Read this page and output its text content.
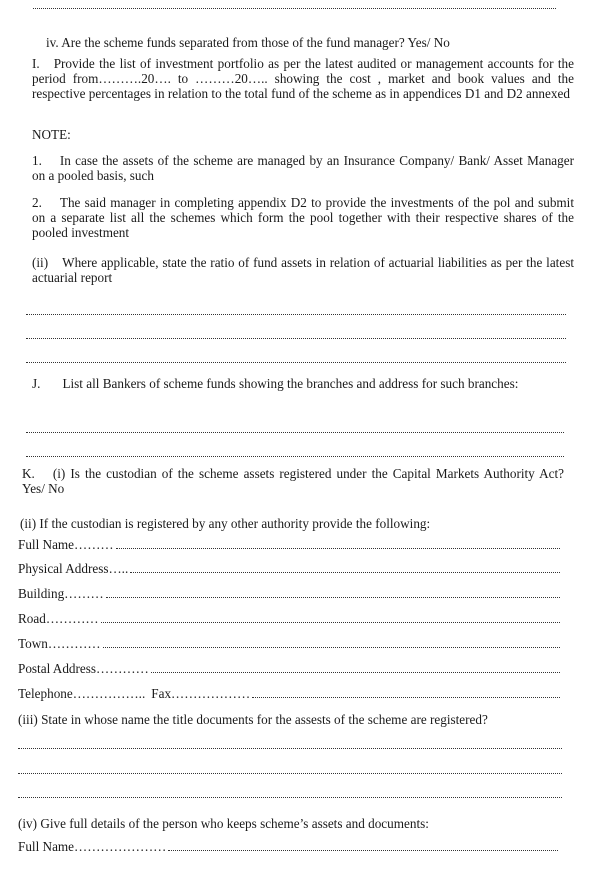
iv. Are the scheme funds separated from those of the fund manager? Yes/ No
I. Provide the list of investment portfolio as per the latest audited or management accounts for the period from……….20…. to ………20….. showing the cost , market and book values and the respective percentages in relation to the total fund of the scheme as in appendices D1 and D2 annexed
NOTE:
1. In case the assets of the scheme are managed by an Insurance Company/ Bank/ Asset Manager on a pooled basis, such
2. The said manager in completing appendix D2 to provide the investments of the pol and submit on a separate list all the schemes which form the pool together with their respective shares of the pooled investment
(ii) Where applicable, state the ratio of fund assets in relation of actuarial liabilities as per the latest actuarial report
J. List all Bankers of scheme funds showing the branches and address for such branches:
K. (i) Is the custodian of the scheme assets registered under the Capital Markets Authority Act? Yes/ No
(ii) If the custodian is registered by any other authority provide the following:
Full Name………
Physical Address…..
Building………
Road…………
Town…………
Postal Address…………
Telephone…………….. Fax………………
(iii) State in whose name the title documents for the assests of the scheme are registered?
(iv) Give full details of the person who keeps scheme’s assets and documents:
Full Name…………………
